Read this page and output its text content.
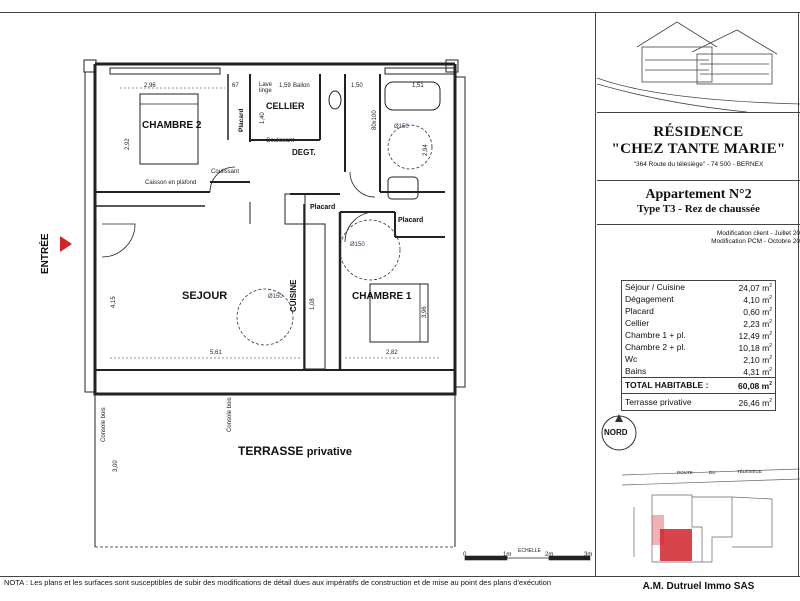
CHAMBRE 2
CELLIER
DEGT.
SEJOUR	CUISINE	CHAMBRE 1
Placard
Placard
Placard
TERRASSE privative
ENTRÉE
Caisson en plafond
Coulissant
Coulissant
Lave linge
Ballon
80x100
Console bois	Console bois
ECHELLE
2,96	67	1,59	1,50	1,51
1,40
2,92
2,94
4,15	1,08
3,96
5,61	2,82
3,00
Ø150
Ø150
Ø150
0	1m	2m	3m
RÉSIDENCE
"CHEZ TANTE MARIE"
"364 Route du télésiège" - 74 500 - BERNEX
Appartement N°2
Type T3 - Rez de chaussée
Modification client - Juillet 20
Modification PCM - Octobre 20
Séjour / Cuisine	24,07 $m^2$
Dégagement	4,10 $m^2$
Placard	0,60 $m^2$
Cellier	2,23 $m^2$
Chambre 1 + pl.	12,49 $m^2$
Chambre 2 + pl.	10,18 $m^2$
Wc	2,10 $m^2$
Bains	4,31 $m^2$
TOTAL HABITABLE :	60,08 $m^2$
Terrasse privative	26,46 $m^2$
NORD
ROUTE	DU	TÉLÉSIÈGE
NOTA : Les plans et les surfaces sont susceptibles de subir des modifications de détail dues aux impératifs de construction et de mise au point des plans d'exécution	A.M. Dutruel Immo SAS
